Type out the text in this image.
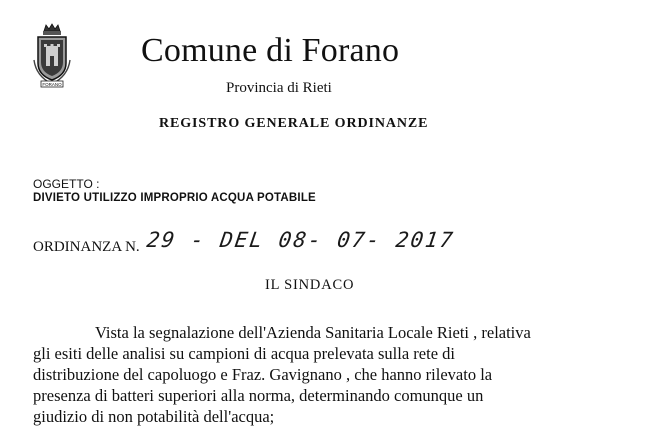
FORANO
Comune di Forano
Provincia di Rieti
REGISTRO GENERALE ORDINANZE
OGGETTO :
DIVIETO UTILIZZO IMPROPRIO ACQUA POTABILE
ORDINANZA N. 29 - DEL 08- 07- 2017
IL SINDACO
Vista la segnalazione dell'Azienda Sanitaria Locale Rieti , relativa
gli esiti delle analisi su campioni di acqua prelevata sulla rete di
distribuzione del capoluogo e Fraz. Gavignano , che hanno rilevato la
presenza di batteri superiori alla norma, determinando comunque un
giudizio di non potabilità dell'acqua;
